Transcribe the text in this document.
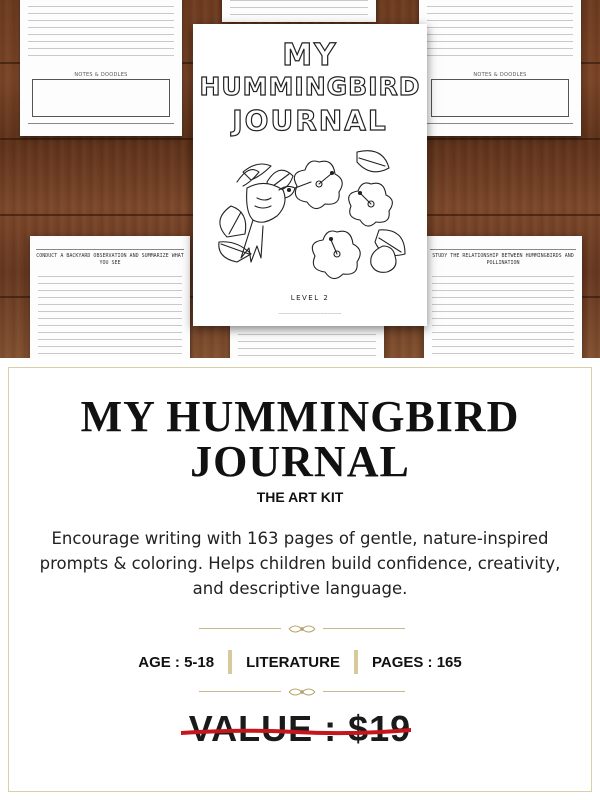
NOTES & DOODLES	NOTES & DOODLES
CONDUCT A BACKYARD OBSERVATION AND SUMMARIZE WHAT YOU SEE
STUDY THE RELATIONSHIP BETWEEN HUMMINGBIRDS AND POLLINATION
MY
HUMMINGBIRD
JOURNAL
LEVEL 2
——————————————————
MY HUMMINGBIRD JOURNAL
THE ART KIT
Encourage writing with 163 pages of gentle, nature-inspired prompts & coloring. Helps children build confidence, creativity, and descriptive language.
AGE : 5-18	LITERATURE	PAGES : 165
VALUE : $19
